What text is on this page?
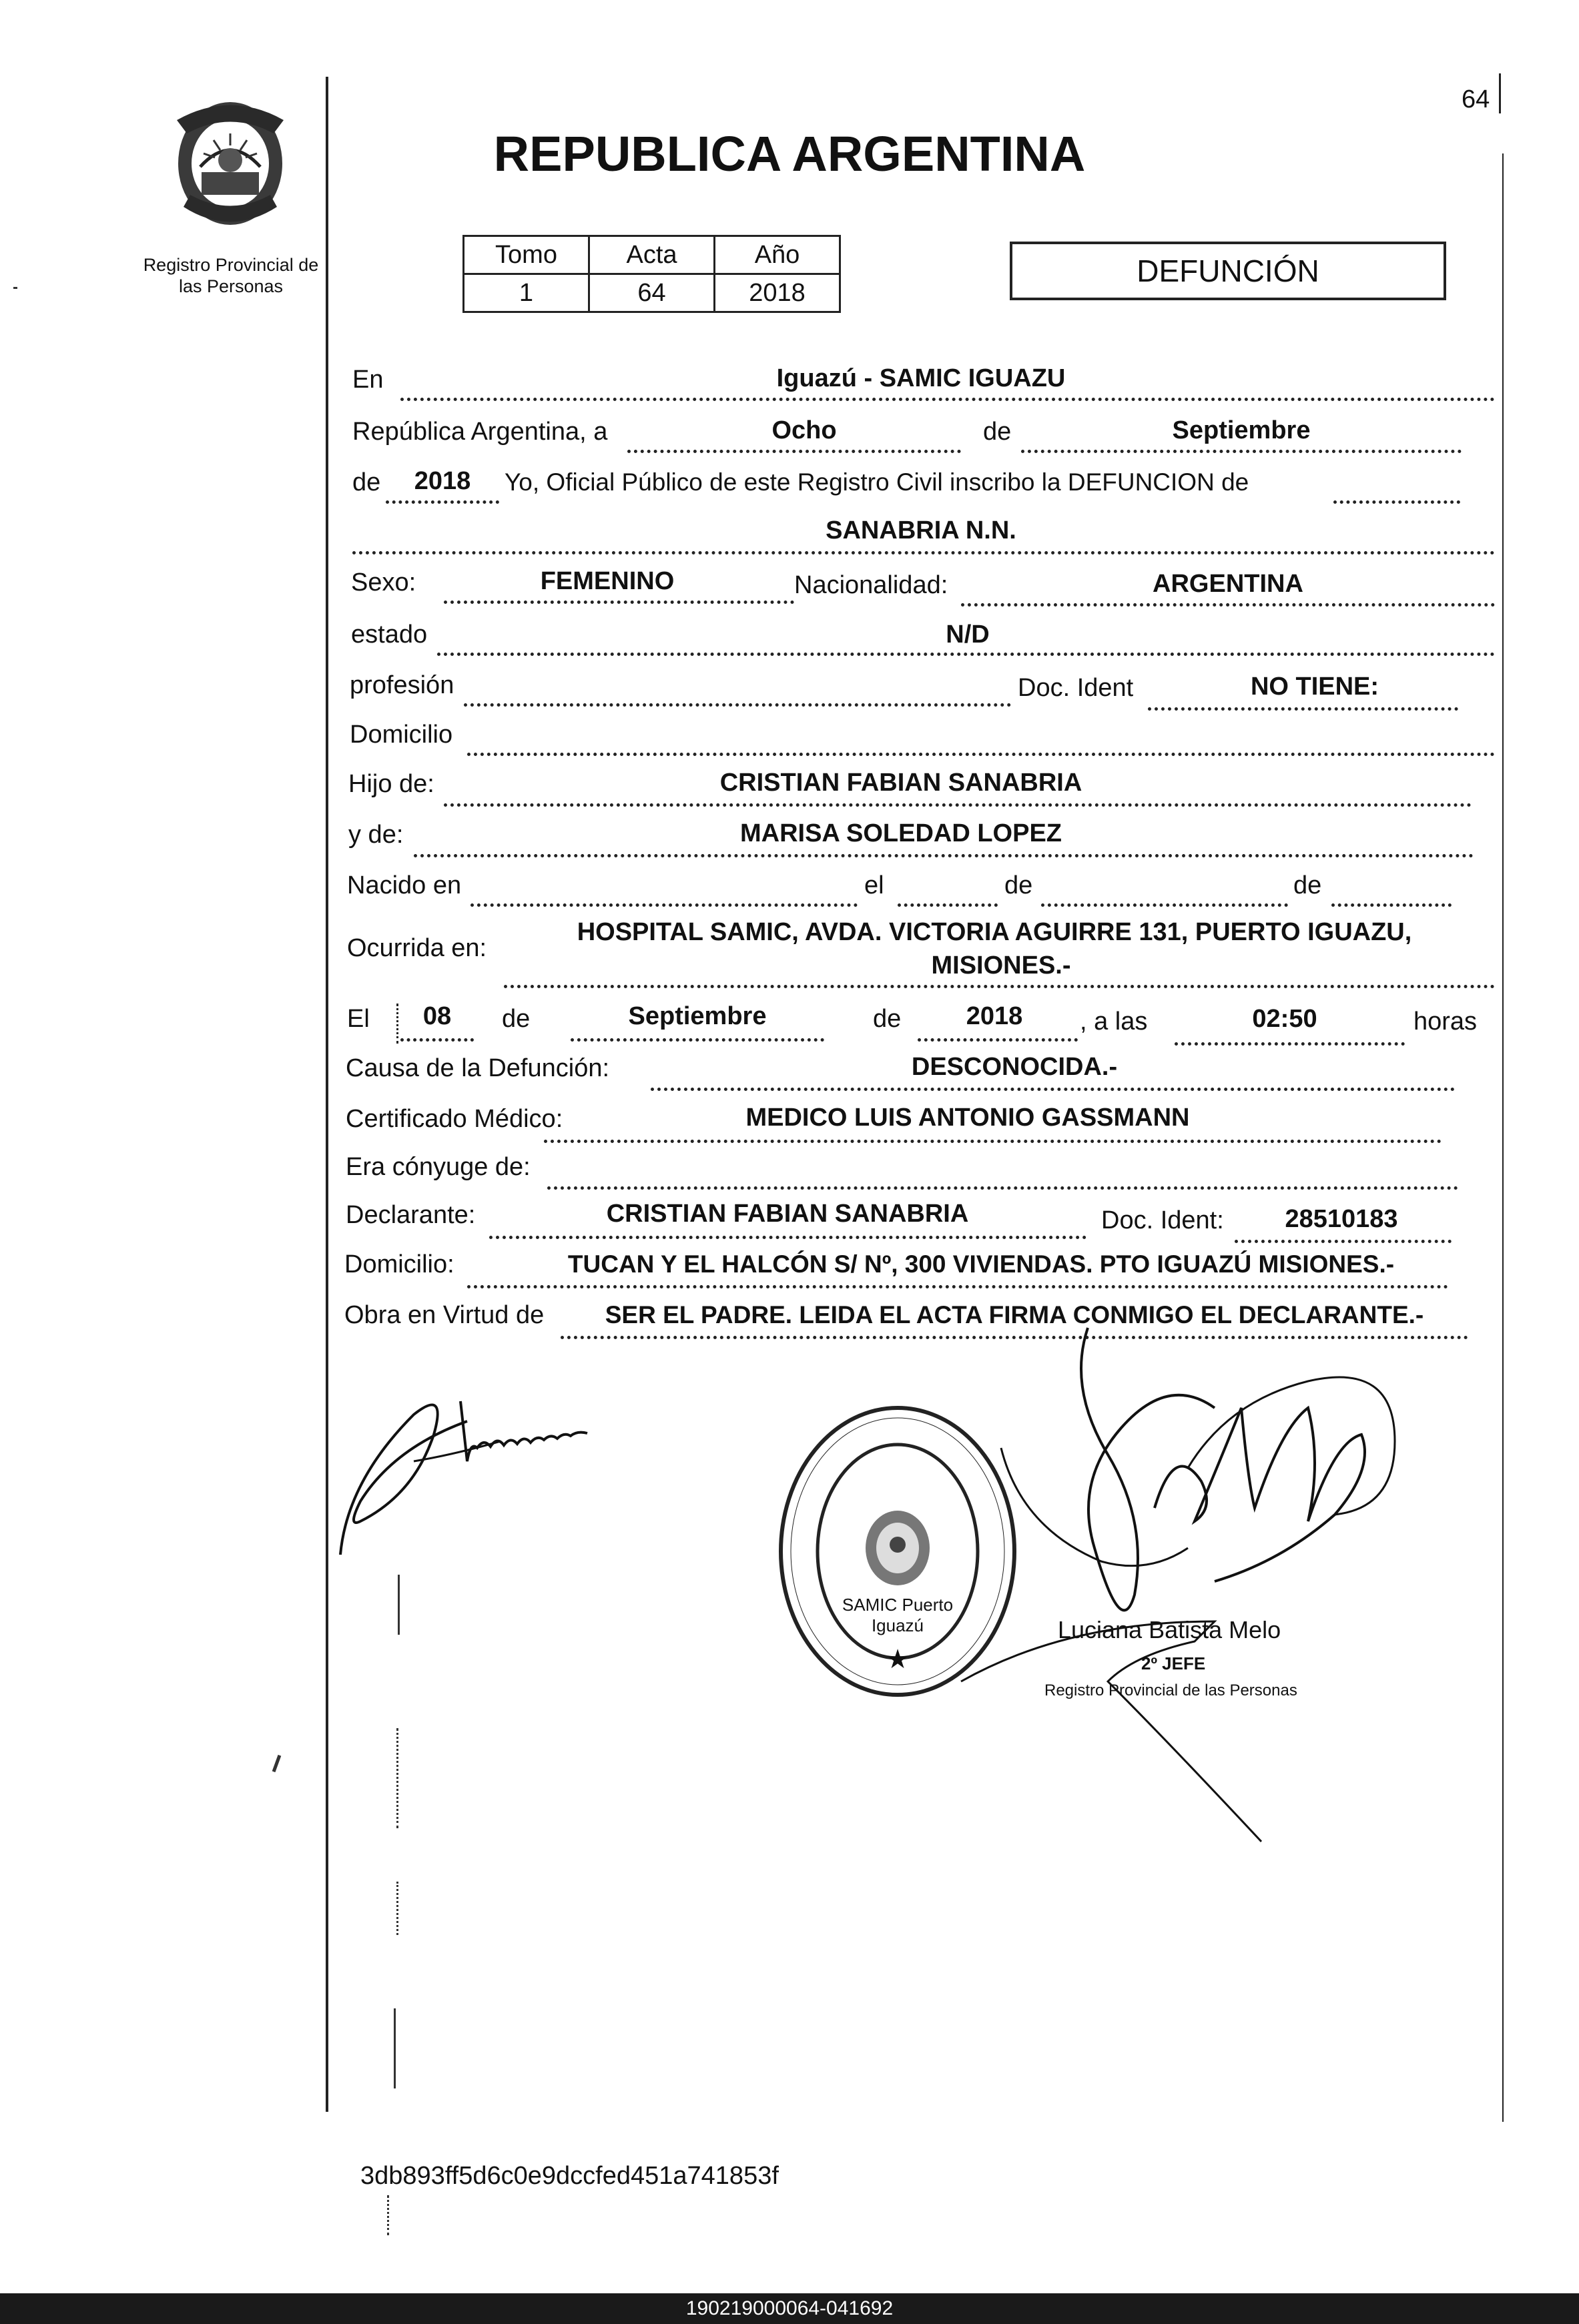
64
Registro Provincial de
las Personas
REPUBLICA ARGENTINA
Tomo	Acta	Año
1	64	2018
DEFUNCIÓN
En	Iguazú - SAMIC IGUAZU
República Argentina, a	Ocho	de	Septiembre
de	2018	Yo, Oficial Público de este Registro Civil inscribo la DEFUNCION de
SANABRIA N.N.
Sexo:	FEMENINO	Nacionalidad:	ARGENTINA
estado	N/D
profesión	Doc. Ident	NO TIENE:
Domicilio
Hijo de:	CRISTIAN FABIAN SANABRIA
y de:	MARISA SOLEDAD LOPEZ
Nacido en	el	de	de
Ocurrida en:
HOSPITAL SAMIC, AVDA. VICTORIA AGUIRRE 131, PUERTO IGUAZU,
MISIONES.-
El	08	de	Septiembre	de	2018	, a las	02:50	horas
Causa de la Defunción:	DESCONOCIDA.-
Certificado Médico:	MEDICO LUIS ANTONIO GASSMANN
Era cónyuge de:
Declarante:	CRISTIAN FABIAN SANABRIA	Doc. Ident:	28510183
Domicilio:	TUCAN Y EL HALCÓN S/ Nº, 300 VIVIENDAS. PTO IGUAZÚ MISIONES.-
Obra en Virtud de	SER EL PADRE. LEIDA EL ACTA FIRMA CONMIGO EL DECLARANTE.-
★
SAMIC Puerto Iguazú	Luciana Batista Melo
2º JEFE
Registro Provincial de las Personas
3db893ff5d6c0e9dccfed451a741853f
190219000064-041692
